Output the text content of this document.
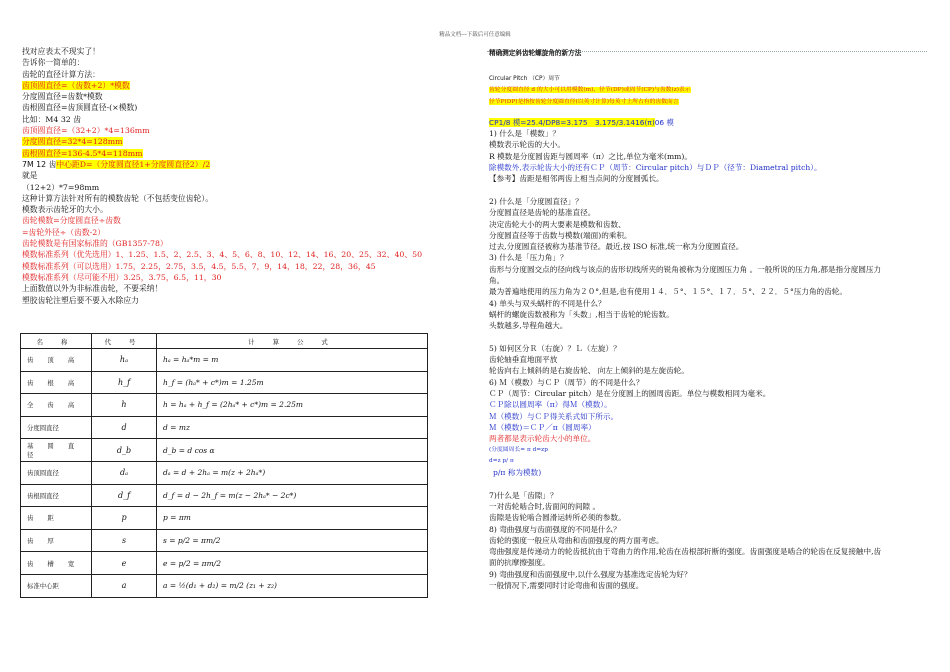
精品文档---下载后可任意编辑
找对应表太不现实了！
告诉你一简单的：
齿轮的直径计算方法：
齿顶圆直径=（齿数+2）*模数
分度圆直径=齿数*模数
齿根圆直径=齿顶圆直径-(×模数)
比如：M4 32 齿
齿顶圆直径=（32+2）*4=136mm
分度圆直径=32*4=128mm
齿根圆直径=136-4.5*4=118mm
7M 12 齿中心距D=（分度圆直径1+分度圆直径2）/2
就是
（12+2）*7=98mm
这种计算方法针对所有的模数齿轮（不包括变位齿轮）。
模数表示齿轮牙的大小。
齿轮模数=分度圆直径÷齿数
=齿轮外径÷（齿数-2）
齿轮模数是有国家标准的（GB1357-78）
模数标准系列（优先选用）1、1.25、1.5、2、2.5、3、4、5、6、8、10、12、14、16、20、25、32、40、50
模数标准系列（可以选用）1.75，2.25，2.75，3.5，4.5，5.5，7，9，14，18，22，28，36，45
模数标准系列（尽可能不用）3.25，3.75，6.5，11，30
上面数值以外为非标准齿轮，不要采纳！
塑胶齿轮注塑后要不要入水除应力
名 称	代 号	计 算 公 式
齿 顶 高	hₐ	hₐ = hₐ*m = m
齿 根 高	h_f	h_f = (hₐ* + c*)m = 1.25m
全 齿 高	h	h = hₐ + h_f = (2hₐ* + c*)m = 2.25m
分度圆直径	d	d = mz
基 圆 直 径	d_b	d_b = d cos α
齿顶圆直径	dₐ	dₐ = d + 2hₐ = m(z + 2hₐ*)
齿根圆直径	d_f	d_f = d − 2h_f = m(z − 2hₐ* − 2c*)
齿 距	p	p = πm
齿 厚	s	s = p/2 = πm/2
齿 槽 宽	e	e = p/2 = πm/2
标准中心距	a	a = ½(d₁ + d₂) = m/2 (z₁ + z₂)
精确测定斜齿轮螺旋角的新方法
Circular Pitch （CP）周节
齿轮分度圆直径 d 的大小可以用模数(m)、径节(DP)或周节(CP)与齿数(z)表示
径节P(DP)是指按齿轮分度圆直径(以英寸计算)每英寸上所占有的齿数而言
CP1/8 模=25.4/DP8=3.175　3.175/3.1416(π)06 模
1) 什么是「模数」？
模数表示轮齿的大小。
R 模数是分度圆齿距与圆周率（π）之比,单位为毫米(mm)。
除模数外,表示轮齿大小的还有ＣＰ（周节：Circular pitch）与ＤＰ（径节：Diametral pitch）。
【参考】齿距是相邻两齿上相当点间的分度圆弧长。
2) 什么是「分度圆直径」？
分度圆直径是齿轮的基准直径。
决定齿轮大小的两大要素是模数和齿数、
分度圆直径等于齿数与模数(端面)的乘积。
过去,分度圆直径被称为基准节径。最近,按 ISO 标准,统一称为分度圆直径。
3) 什么是「压力角」？
齿形与分度圆交点的径向线与该点的齿形切线所夹的锐角被称为分度圆压力角 。一般所说的压力角,都是指分度圆压力
角。
最为普遍地使用的压力角为２０°,但是,也有使用１４．５°、１５°、１７．５°、２２．５°压力角的齿轮。
4) 单头与双头蜗杆的不同是什么？
蜗杆的螺旋齿数被称为「头数」,相当于齿轮的轮齿数。
头数越多,导程角越大。
5) 如何区分Ｒ（右旋）？Ｌ（左旋）？
齿轮轴垂直地面平放
轮齿向右上倾斜的是右旋齿轮、 向左上倾斜的是左旋齿轮。
6) Ｍ（模数）与ＣＰ（周节）的不同是什么？
ＣＰ（周节：Circular pitch）是在分度圆上的圆周齿距。单位与模数相同为毫米。
ＣＰ除以圆周率（π）得Ｍ（模数）。
Ｍ（模数）与ＣＰ得关系式如下所示。
Ｍ（模数)＝ＣＰ／π（圆周率）
两者都是表示轮齿大小的单位。
(分度圆周长= π d=zp
d=z p/ π
p/π 称为模数)
7)什么是「齿隙」？
一对齿轮啮合时,齿面间的间隙 。
齿隙是齿轮啮合圆滑运转所必须的参数。
8) 弯曲强度与齿面强度的不同是什么？
齿轮的强度一般应从弯曲和齿面强度的两方面考虑。
弯曲强度是传递动力的轮齿抵抗由于弯曲力的作用,轮齿在齿根部折断的强度。齿面强度是啮合的轮齿在反复接触中,齿
面的抗摩擦强度。
9) 弯曲强度和齿面强度中,以什么强度为基准选定齿轮为好？
一般情况下,需要同时讨论弯曲和齿面的强度。
